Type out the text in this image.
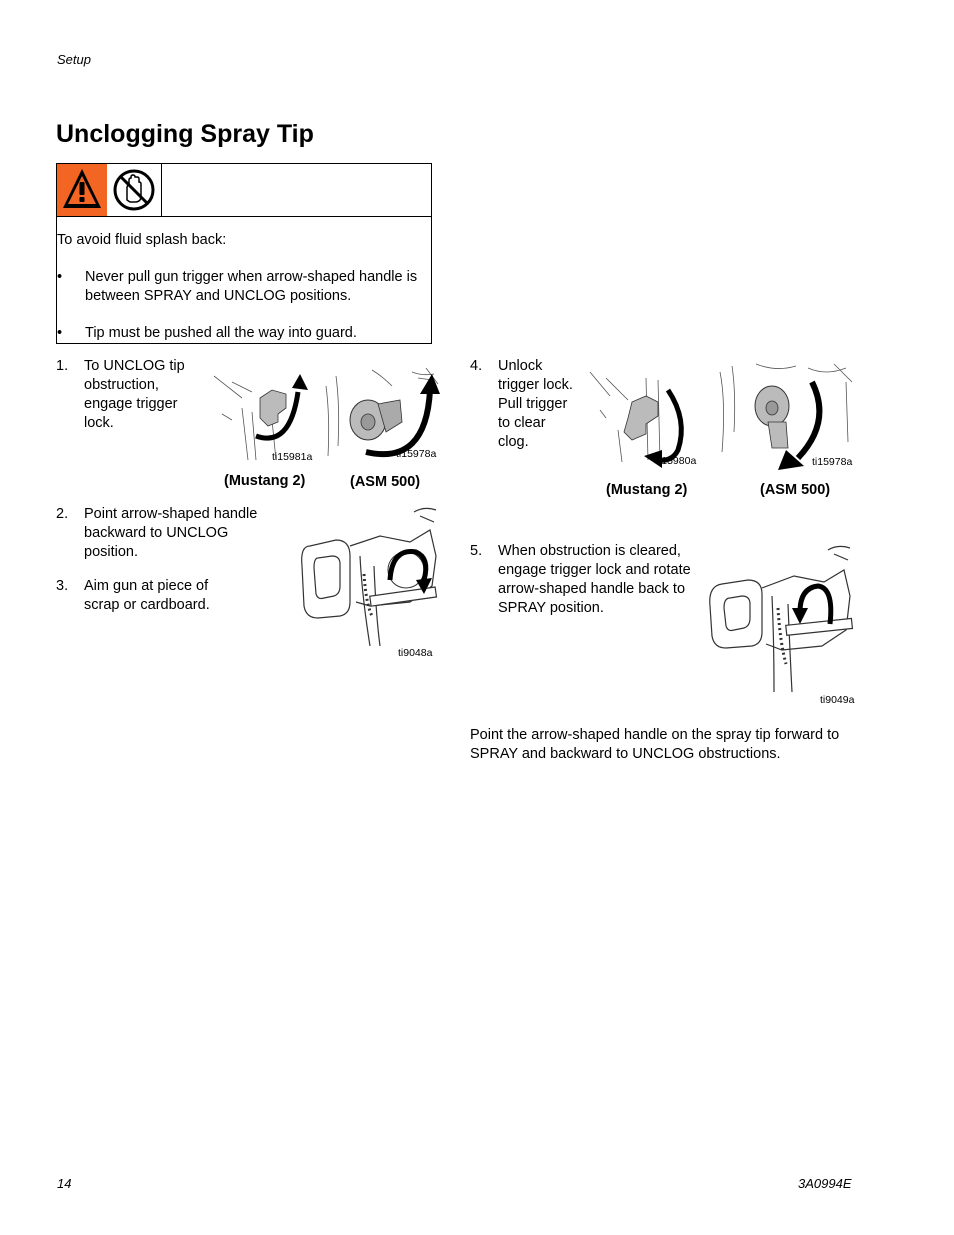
Setup
Unclogging Spray Tip
To avoid fluid splash back:
• Never pull gun trigger when arrow-shaped handle is between SPRAY and UNCLOG positions.
• Tip must be pushed all the way into guard.
1. To UNCLOG tip obstruction, engage trigger lock.
ti15981a	ti15978a
(Mustang 2)	(ASM 500)
2. Point arrow-shaped handle backward to UNCLOG position.
3. Aim gun at piece of scrap or cardboard.
ti9048a
4. Unlock trigger lock. Pull trigger to clear clog.
ti15980a	ti15978a
(Mustang 2)	(ASM 500)
5. When obstruction is cleared, engage trigger lock and rotate arrow-shaped handle back to SPRAY position.
ti9049a
Point the arrow-shaped handle on the spray tip forward to SPRAY and backward to UNCLOG obstructions.
14	3A0994E
